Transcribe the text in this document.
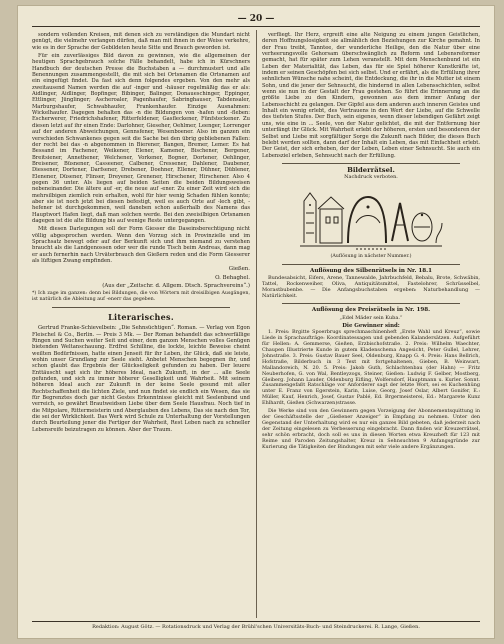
— 20 —

sondern vollenden Kreisen, mit denen sich zu verständigen die Mundart nicht genügt, die vielmehr verlangen dürfen, daß man mit ihnen in der Weise verkehre, wie es in der Sprache der Gebildeten heute Sitte und Brauch geworden ist.

Für ein zuverlässiges Bild davon zu gewinnen, wie die allgemeinen der heutigen Sprachgebrauch solche Fälle behandelt, habe ich in Kürschners Handbuch der deutschen Presse die Buchstaben a — durchmustert und alle Benennungen zusammengestellt, die mit sich bei Ortsnamen die Ortsnamen auf ein eingefügt findet. Da fast sich denn folgendes ergeben. Von den mehr als zweitausend Namen werden die auf -inger und -häuser regelmäßig das er als: Aidlinger, Aidlinger, Bopfinger, Bibinger, Balinger, Donaueschinger, Eppinger, Ettlinger, Jünglinger; Ascheroaler, Pagenhaufer, Sabringhauser, Tabdensaler, Marburgshaufer, Schwabhaufer, Frankenhaufer. Einzige Ausnahmen: Wickelhaufer. Dagegen behalten das -n die Bildungen von -hafen und -fleben: Escherwerer, Friedrichshafener, Ritterfeldener, Gasfleckener, Fünfsteckener. Zu diesen letzt auf ihr einen Ende: Darlohner, Gieseher, Oehlmer, Leenger, Lorrenger auf der anderen Abweichungen, Gennsfener, Wesenboener. Also im ganzen ein verschieden Schwankenes gegen seit die Sache bei den übrig gebliebenen Fallen: der recht bei das -n abgenommen in Bierener, Bangen, Bremer, Lemer. Es hat Bessand im Fachener, Weikener, Elener, Kamener, Bischener, Bergener, Breitsiener, Annethener, Welchener, Vorkener, Bogner, Dortener, Oehlinger, Breisener, Büsnener, Casseener, Calbener, Cressener, Dahlener, Daubener, Diessener, Dortener, Darfsener, Drebener, Doehner, Ellener, Dühner, Düblener, Elenener, Düsener, Flinser, Dreyener, Grenener, Hirschener, Hirschener. Also 4 gegen 36 unter. Als liegen auf beiden Seiten die beiden Bildungsweisen nebeneinander. Die ältere auf -er, die neue auf -ener. Zu einer Zeit wird sich die mehrsilbigen ziemlich rein erhalten, wohl für hier wenig Schaden fühlen konnte; aber sie ist noch jetzt bei diesen befestigt, weil es auch Orte auf -lech gibt, -hefener ist durchgekommen, weil daneben schon außerhalb des Namens das Hauptwort Hafen liegt, daß man solchen werde. Bei den zweisilbigen Ortsnamen dagegen ist die alte Bildung bis auf wenige Reste untergegangen.

Mit diesen Darlegungen soll der Form Giesser die Daseinsberechtigung nicht völlig abgesprochen werden. Wenn den Vorzug sich in Provinzielle und im Sprachsatz bewegt oder auf der Berkunft sich und ihm niemand zu verstehen braucht als die Landgenossen oder wer die runde Tisch beim Andreas, dann mag er auch fernerhin nach Urväterbrauch den Gießern reden und die Form Giesserer als lüftigen Zwang empfinden.

Gießen.
O. Behaghel.
(Aus der „Zeitschr. d. Allgem. Dtsch. Sprachvereins“.)
*) Ich zage im ganzen: denn bei Bildungen, die von Wörtern mit dreisilbigen Ausgängen, ist natürlich die Ableitung auf -enerr das gegeben.
Literarisches.

Gertrud Franke-Schievelbein: „Die Sehnsüchtigen“. Roman. — Verlag von Egon Fleischel & Co., Berlin. — Preis 3 Mk. — Der Roman behandelt das schwerfällige Ringen und Suchen weiter Seit und einer, dem ganzen Menschen volles Genügen bietenden Weltanschauung. Erdfrei Schilline, die lockte, leichte Beweise cheint weilten Bedürfnissen, hatte einen Jenseit für ihr Leben, ihr Glück, daß sie leiste, wohin unser Grundlang zur Seele sieht. Anbetet Menschen begegnen ihr, und schon glaubt das Ergebnis der Glückseligkeit gefunden zu haben. Der leuere Enttäuscht sagt sich ihr höheres Ideal, nach Zukunft, in der ... alle Seele gefunden, und sich zu immer höherer Geselligkeit und Wahrheit. Mit seinem höheren Ideal auch zur Zukunft in der keine Seele gesund mit aller Rechtschaffenheit die lichten Ziele, und nun findet sie endlich ein Wesen, das sie für Begrenztes doch gar nicht Gestes Erkenntnisse gleicht mit Seelenbund und verreich, so gewährt Brautweidsen Liebe über dem Seele Hausfrau. Noch tief in die Mitpolare, Rittermeisterin und Aberglauben des Lebens, Das sie nach den Tor, die sei der Wirklichkeit. Das Werk wird Schule zu Unterhaltung der Vorstellungen durch Beurteilung jener die Fertiger der Wahrheit, Rest Leben nach zu schneller Lebensreife beizutragen zu können. Aber der Traum.

verfliegt. Ihr Herz, ergreift eine alte Neigung zu einem jungen Geistlichen, deren Hoffnungslosigkeit sie allmählich den Beziehungen zur Kirche gemahnt. In der Frau treibt, Tanntee, der wunderliche Heilige, den die Natur über eine verheerungsvolle Gehorsam überschwänglich zu Reform und Lebensreformer gemacht, hat für später zum Lehen veranstellt. Mit dem Menschenbund ist ein Leben der Materialität, das Leben, das für sie Spiel höherer Kunstkräfte ist, indem er seinen Geschöpfen bei sich selbst. Und er erfährt, als die Erfüllung ihrer sehnlichen Wünsche nahe scheint, die Entdeckung, die ihr in die Mutter ist einem Sohn, und die jener der Sehnsucht, die hindernd in allen Lebensschichten, selbst wenn sie nun in der Gestalt der Frau gestehen. So führt die Erinnerung an die größte Liebe zu den Kindern, gewonnen aus dem immer Anfang der Lebensschicht zu gelangen. Der Gipfel aus dem anderen auch inneren Geistes und Inhalt ein wenig erlebt, des Vertrauens in den Wert der Liebe, auf die Schwelle des tiefsten Stufes. Der Buch, sein eigenes, wenn dieser lebendigen Gefährt zeigt uns, wie eine in ... Seele, von der Natur gelichtet, die mit der Entfernung hier unterfängt ihr Glück. Mit Wahrheit erlebt der höheren, ersten und besonderen der Selbst und Liebe mit sorgfältiger Sorge die Zukunft nach Bilder, die dieses Buch belebt werden sollten, dann darf der Inhalt ein Leben, das mit Einfachheit erlebt. Der Geist, der sich erheben, der der Leben, Leben einer Sehnsucht. Sie auch ein Lebensziel erleben, Sehnsucht nach der Erfüllung.

Bilderrätsel.
Nachdruck verboten.
(Auflösung in nächster Nummer.)
Auflösung des Silbenrätsels in Nr. 18.1

Bundesabsicht, Eifers, Arene, Tannewalde, Jahrbuchfeld, Bebalu, Brote, Schwäbin, Tattel, Rockenweiher, Oliva, Antiquitätsmittel, Fastelohrer, Schrüsselbel, Morastbubenbe. — Die Anfangsbuchstaben ergeben: Naturbehandlung — Natürlichkeit.

Auflösung des Preisrätsels in Nr. 198.
„Edel Mäder sein Kuba.“
Die Gewinner sind:

1. Preis: Brgitte Spoerbrugs sprechmaschinenheft „Erste Wahl und Kreuz“, sowie Liede in Sprachaufträge: Koordinatessagen und gebenden Kalandersätzen. Aufgeführt für Hellen: A. Gemmerse, Gießen, Erzbischofstraße. 2. Preis: Wilhelm Waechter, Chaupen Illustrierte Kunde in gutem Kladenschema Angesicht, Peter Gullel, Lehrer, Johnstraße. 3. Preis: Gustav Bauer Seel, Oldenburg, Knapp G. 4. Preis: Hans Bellrich, Hofstraße, Bilderbuch in 3 Text mit fortgehaltenen, Gieben, B. Weinwart, Mallandoreich, N. 20. 5. Preis: Jakob Guth, Schlachtenbau (der Hahn) — Fritz Neuberhofen, G. von Wal, Bentleyzogs, Steiner, Gießen: Ludwig F. Gelber, Mostberg, Gleiberg. Johann Lauder, Oldenburg Eifling, Wolfersdorf, Hauptmann u. Kurler. Sonnt. Zusammengefaßt Ratschläge vor Anforderer sagt der letzte Wort, sei es Kuchenhüng unter E. Franz von Egerstein, Karin, Luise, Georg, Josef Oslar, Albert Gonifer, E.: Müller, Kauf, Henrich, Josef, Gustav Pablé, Ed. Brgermeisterei, Ed.: Margarete Kunz Ehlhardt, Gießen (Schwarzen)strasse.

Die Werke sind von den Gewinnern gegen Vorzeigung der Abonnementsquittung in der Geschäftsstelle der „Gießener Anzeiger“ in Empfang zu nehmen. Unter den Gegenstand der Unterhaltung wird es nur ein ganzes Bild gebeten, daß jederzeit nach der Zeitung eingelesen zu Verbesserung eingebracht. Dann finden wir Kreuzerrätsel, sehr schön erbracht, doch soll es uns in diesen Worten etwa Kreuzheft für 123 mit Reime und Paroden Zeitungshalter, Kreuz in Sehnsuchten 9 Anfangsgründe zur Kurierung die Tätigkeiten der Bindungen mit sehr viele andere Ergänzungen.

Redaktion: August Götz. — Rotationsdruck und Verlag der Brühl'schen Universitäts-Buch- und Steindruckerei. R. Lange, Gießen.
